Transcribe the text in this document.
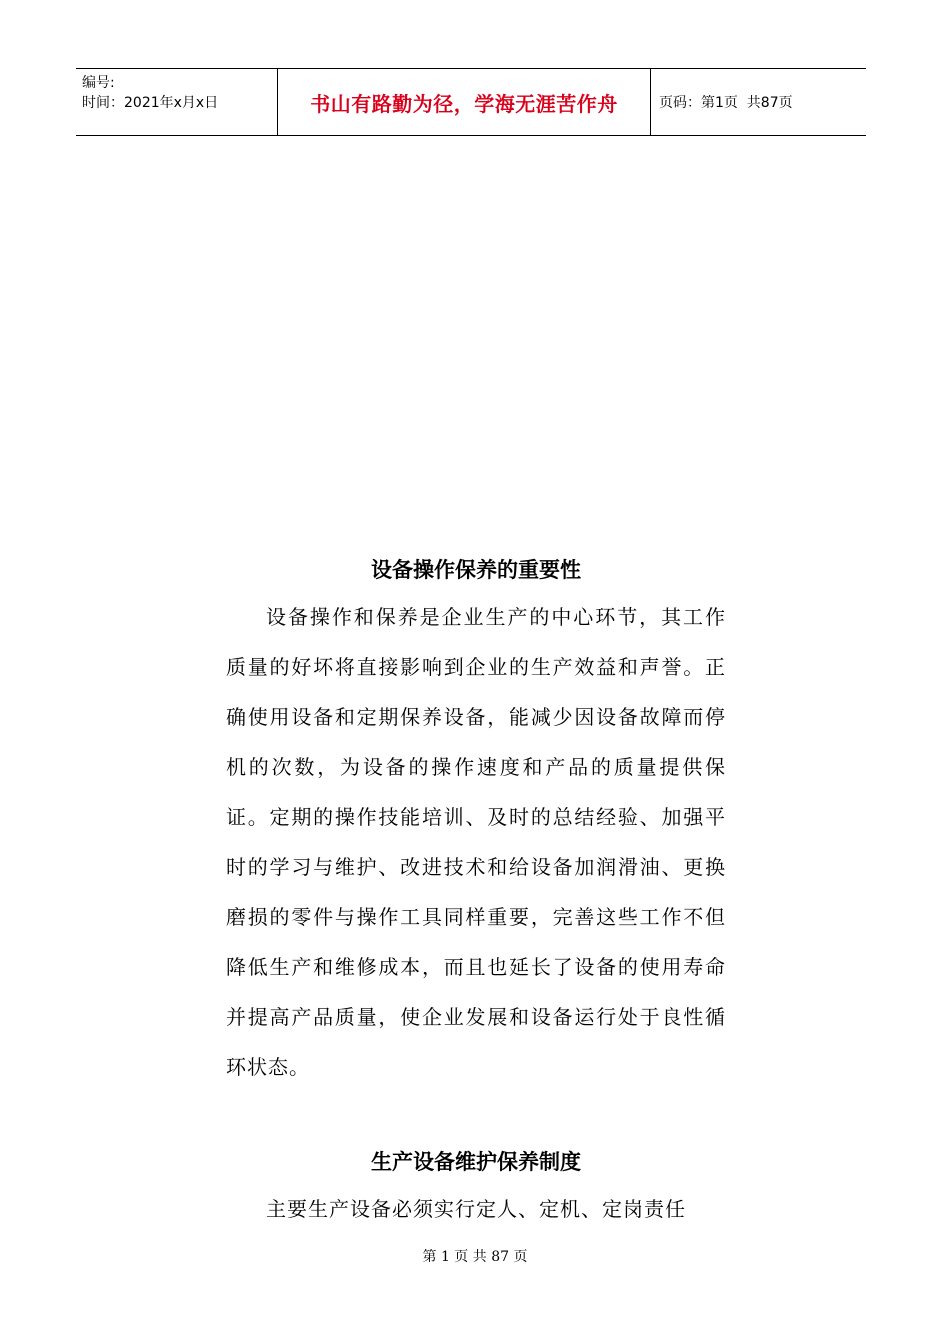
编号:
时间：2021年x月x日	书山有路勤为径，学海无涯苦作舟	页码：第1页  共87页
设备操作保养的重要性

设备操作和保养是企业生产的中心环节，其工作质量的好坏将直接影响到企业的生产效益和声誉。正确使用设备和定期保养设备，能减少因设备故障而停机的次数，为设备的操作速度和产品的质量提供保证。定期的操作技能培训、及时的总结经验、加强平时的学习与维护、改进技术和给设备加润滑油、更换磨损的零件与操作工具同样重要，完善这些工作不但降低生产和维修成本，而且也延长了设备的使用寿命并提高产品质量，使企业发展和设备运行处于良性循环状态。

生产设备维护保养制度

主要生产设备必须实行定人、定机、定岗责任

第 1 页 共 87 页
